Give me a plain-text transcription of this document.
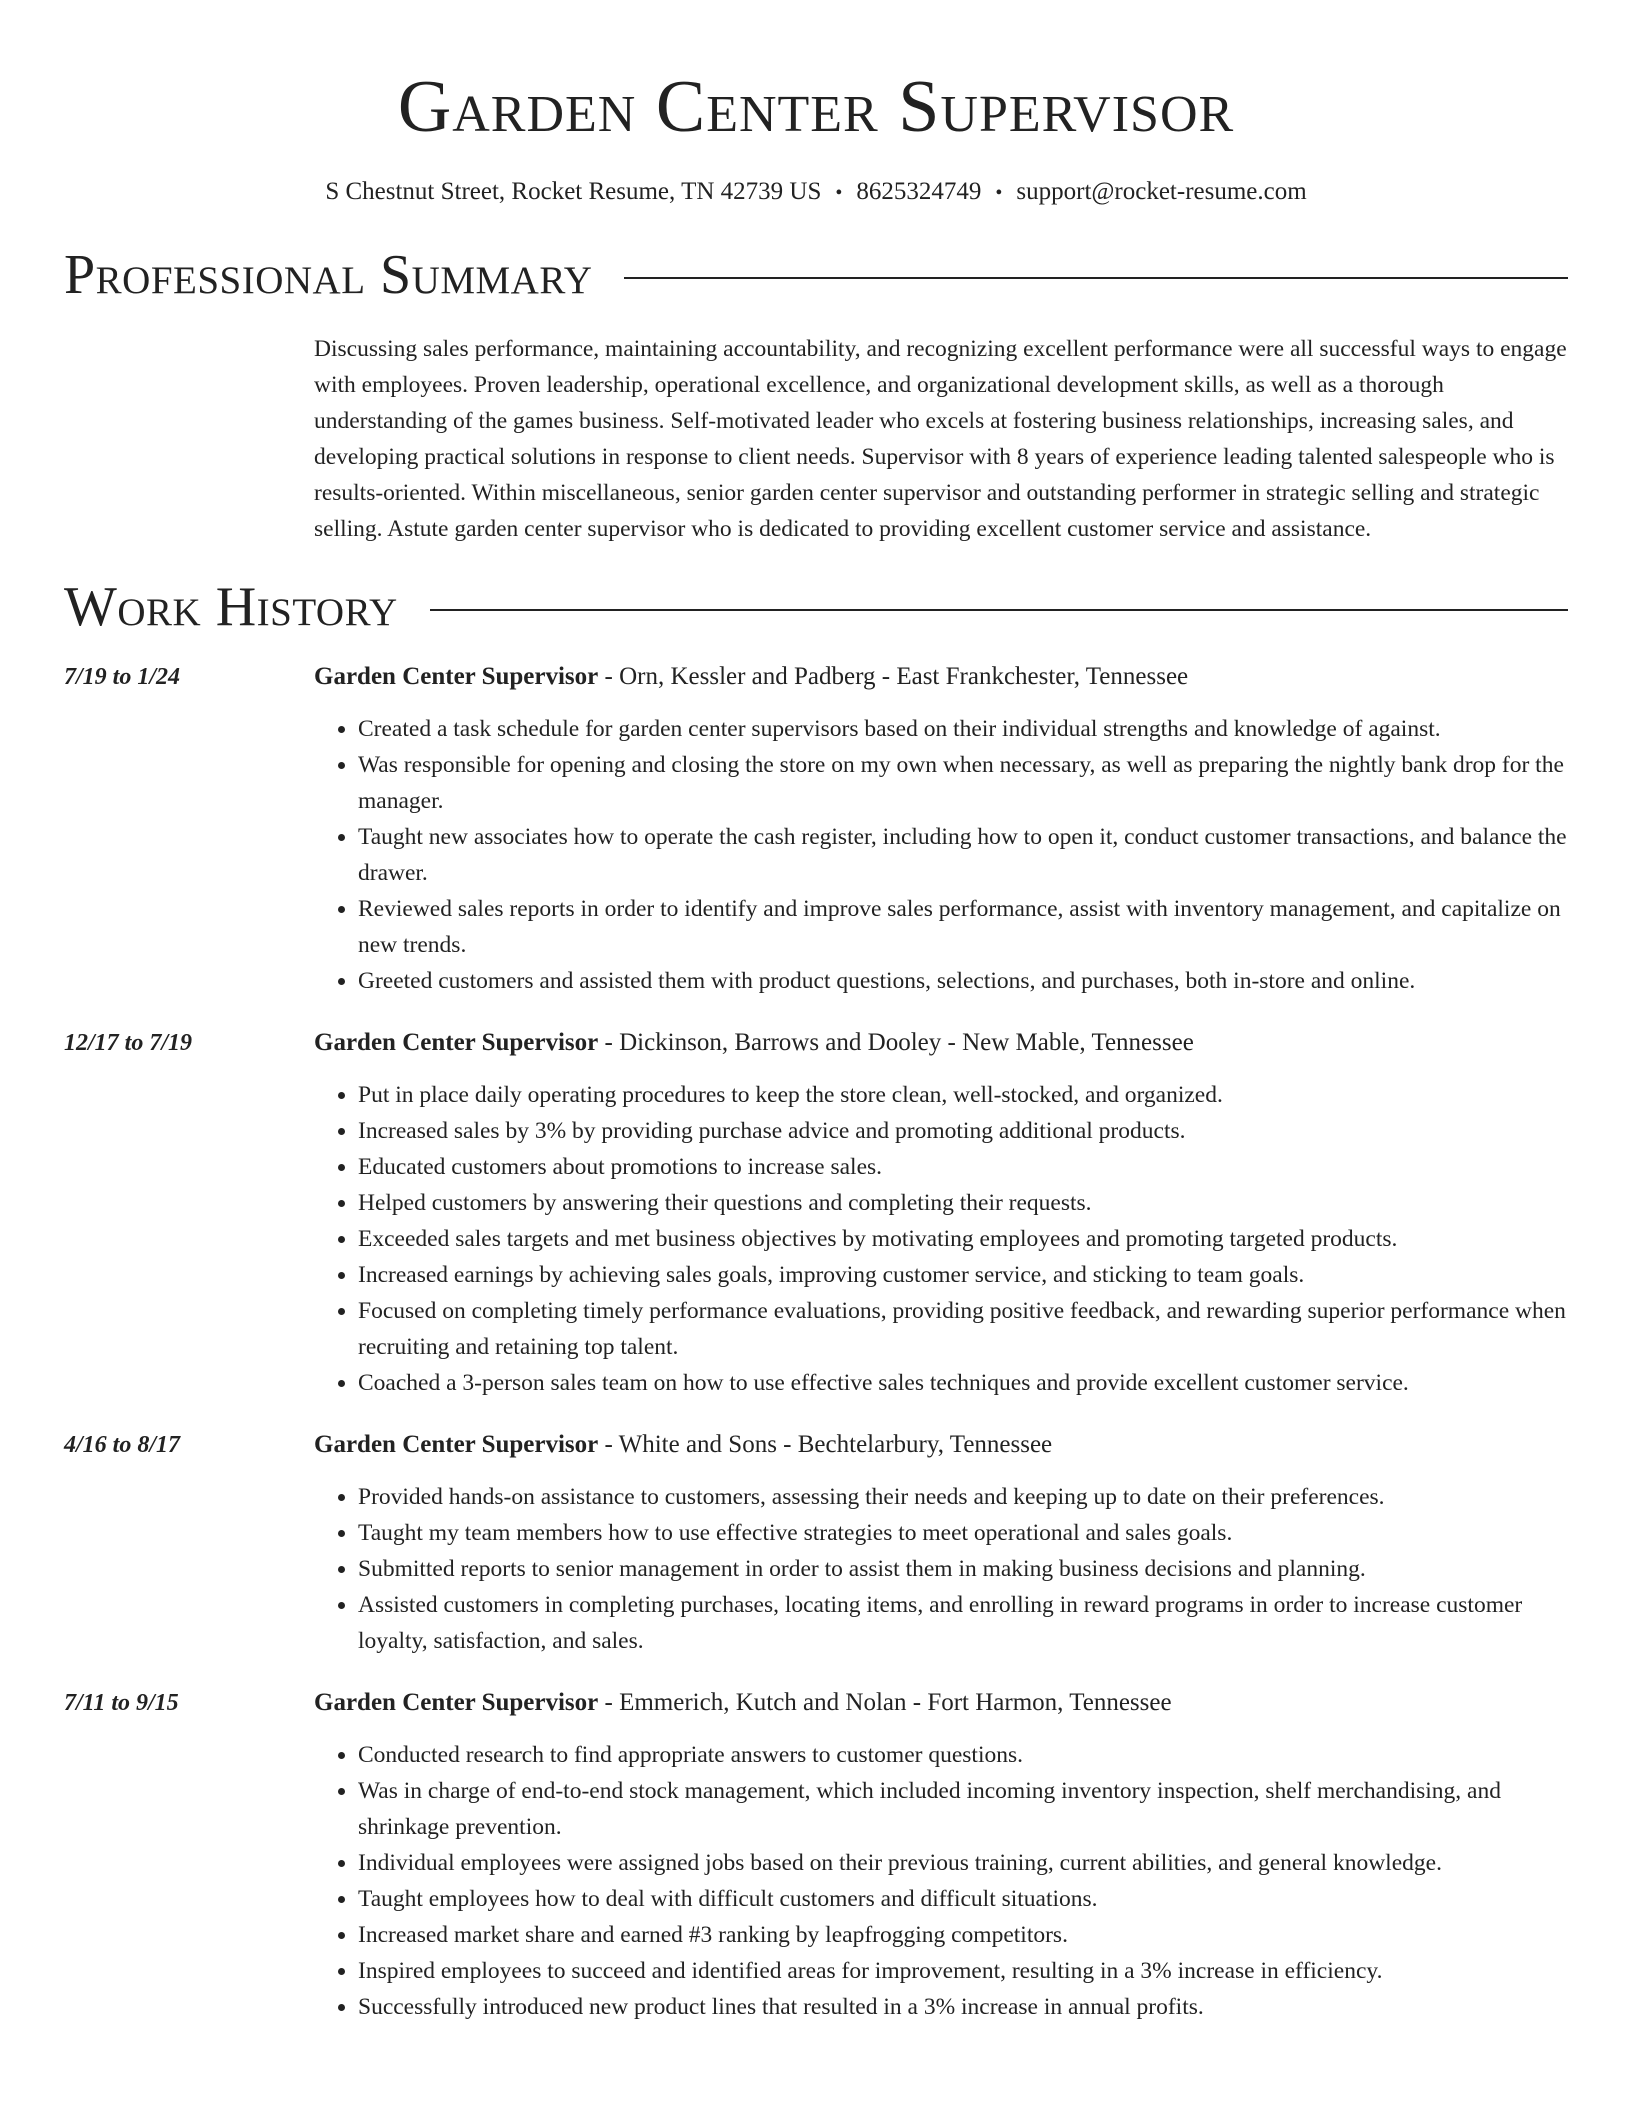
Garden Center Supervisor
S Chestnut Street, Rocket Resume, TN 42739 US • 8625324749 • support@rocket-resume.com
Professional Summary
Discussing sales performance, maintaining accountability, and recognizing excellent performance were all successful ways to engage with employees. Proven leadership, operational excellence, and organizational development skills, as well as a thorough understanding of the games business. Self-motivated leader who excels at fostering business relationships, increasing sales, and developing practical solutions in response to client needs. Supervisor with 8 years of experience leading talented salespeople who is results-oriented. Within miscellaneous, senior garden center supervisor and outstanding performer in strategic selling and strategic selling. Astute garden center supervisor who is dedicated to providing excellent customer service and assistance.
Work History
7/19 to 1/24	Garden Center Supervisor - Orn, Kessler and Padberg - East Frankchester, Tennessee
• Created a task schedule for garden center supervisors based on their individual strengths and knowledge of against.
• Was responsible for opening and closing the store on my own when necessary, as well as preparing the nightly bank drop for the manager.
• Taught new associates how to operate the cash register, including how to open it, conduct customer transactions, and balance the drawer.
• Reviewed sales reports in order to identify and improve sales performance, assist with inventory management, and capitalize on new trends.
• Greeted customers and assisted them with product questions, selections, and purchases, both in-store and online.
12/17 to 7/19	Garden Center Supervisor - Dickinson, Barrows and Dooley - New Mable, Tennessee
• Put in place daily operating procedures to keep the store clean, well-stocked, and organized.
• Increased sales by 3% by providing purchase advice and promoting additional products.
• Educated customers about promotions to increase sales.
• Helped customers by answering their questions and completing their requests.
• Exceeded sales targets and met business objectives by motivating employees and promoting targeted products.
• Increased earnings by achieving sales goals, improving customer service, and sticking to team goals.
• Focused on completing timely performance evaluations, providing positive feedback, and rewarding superior performance when recruiting and retaining top talent.
• Coached a 3-person sales team on how to use effective sales techniques and provide excellent customer service.
4/16 to 8/17	Garden Center Supervisor - White and Sons - Bechtelarbury, Tennessee
• Provided hands-on assistance to customers, assessing their needs and keeping up to date on their preferences.
• Taught my team members how to use effective strategies to meet operational and sales goals.
• Submitted reports to senior management in order to assist them in making business decisions and planning.
• Assisted customers in completing purchases, locating items, and enrolling in reward programs in order to increase customer loyalty, satisfaction, and sales.
7/11 to 9/15	Garden Center Supervisor - Emmerich, Kutch and Nolan - Fort Harmon, Tennessee
• Conducted research to find appropriate answers to customer questions.
• Was in charge of end-to-end stock management, which included incoming inventory inspection, shelf merchandising, and shrinkage prevention.
• Individual employees were assigned jobs based on their previous training, current abilities, and general knowledge.
• Taught employees how to deal with difficult customers and difficult situations.
• Increased market share and earned #3 ranking by leapfrogging competitors.
• Inspired employees to succeed and identified areas for improvement, resulting in a 3% increase in efficiency.
• Successfully introduced new product lines that resulted in a 3% increase in annual profits.
